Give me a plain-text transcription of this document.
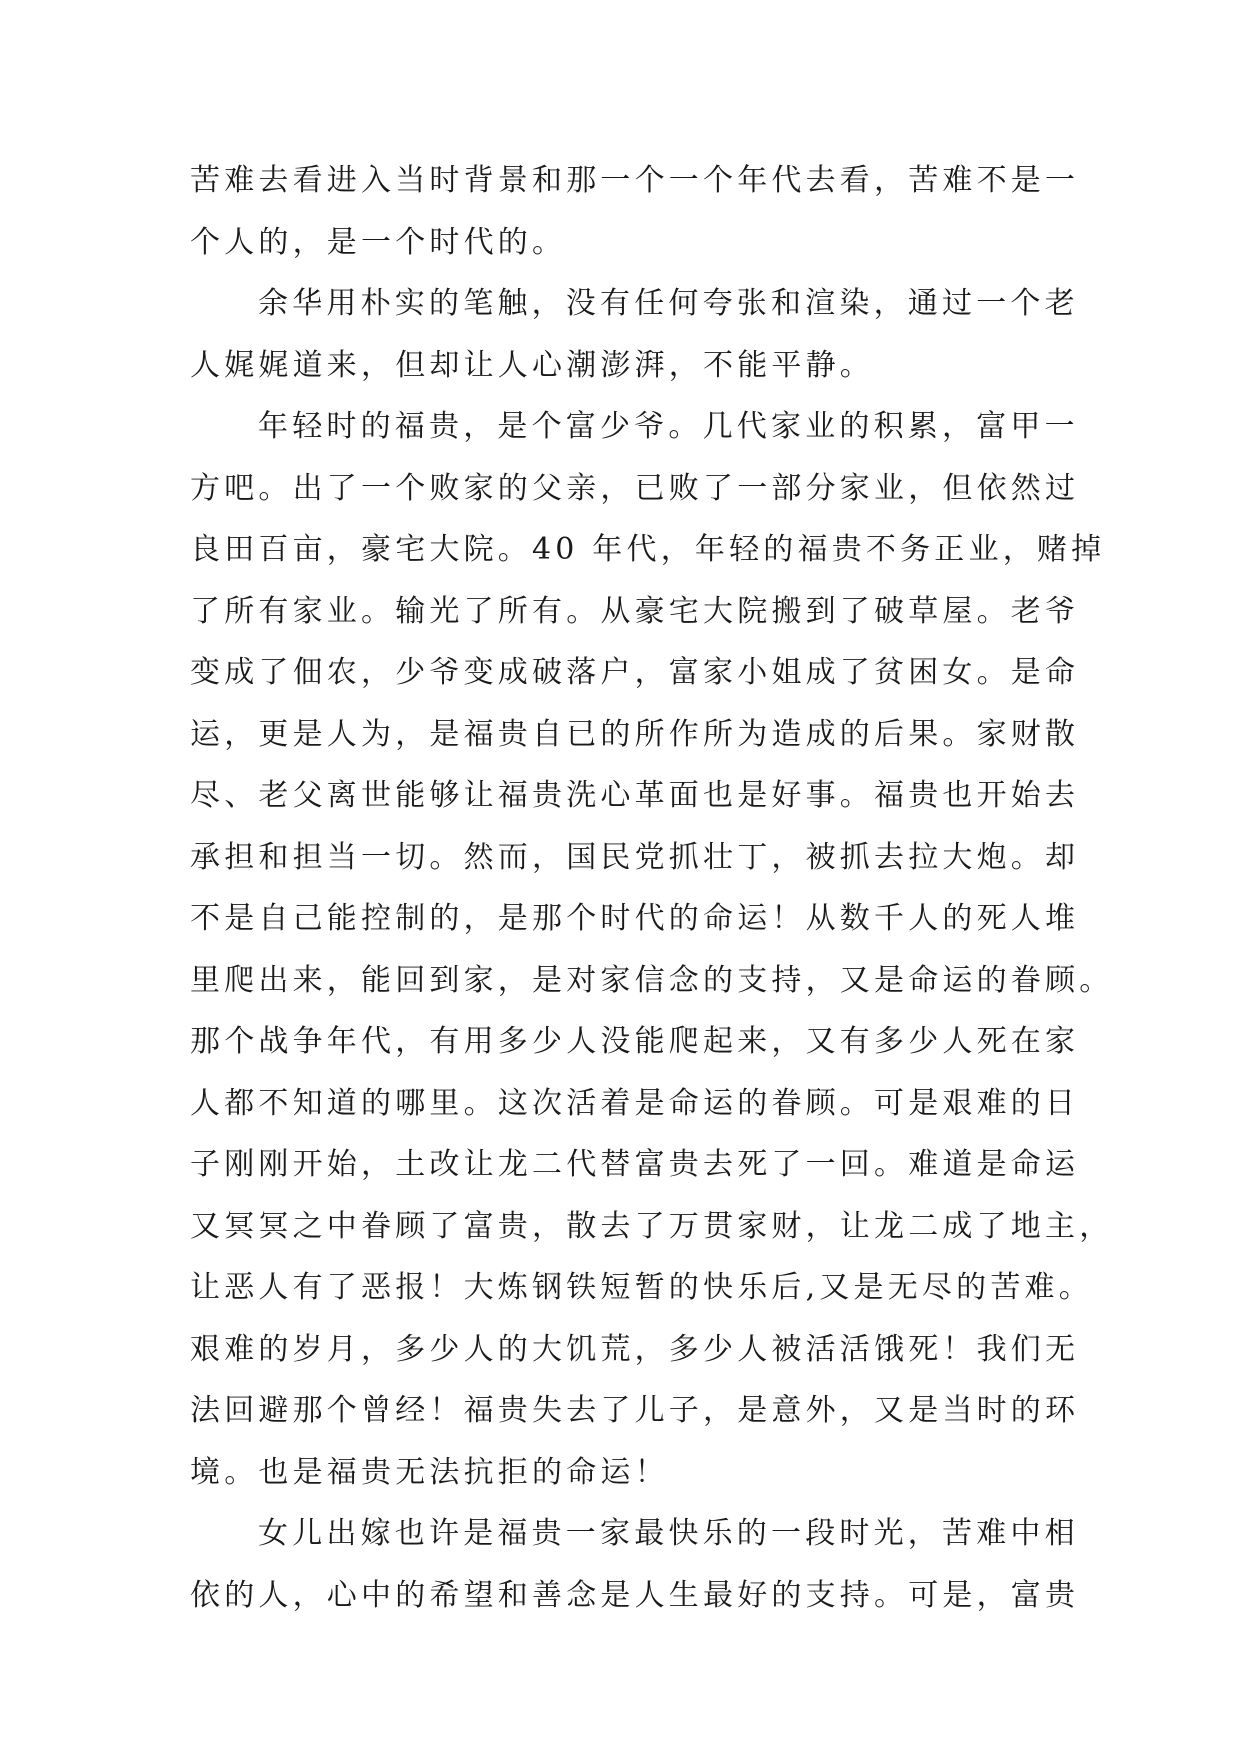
苦难去看进入当时背景和那一个一个年代去看，苦难不是一
个人的，是一个时代的。
余华用朴实的笔触，没有任何夸张和渲染，通过一个老
人娓娓道来，但却让人心潮澎湃，不能平静。
年轻时的福贵，是个富少爷。几代家业的积累，富甲一
方吧。出了一个败家的父亲，已败了一部分家业，但依然过
良田百亩，豪宅大院。40 年代，年轻的福贵不务正业，赌掉
了所有家业。输光了所有。从豪宅大院搬到了破草屋。老爷
变成了佃农，少爷变成破落户，富家小姐成了贫困女。是命
运，更是人为，是福贵自已的所作所为造成的后果。家财散
尽、老父离世能够让福贵洗心革面也是好事。福贵也开始去
承担和担当一切。然而，国民党抓壮丁，被抓去拉大炮。却
不是自己能控制的，是那个时代的命运！从数千人的死人堆
里爬出来，能回到家，是对家信念的支持，又是命运的眷顾。
那个战争年代，有用多少人没能爬起来，又有多少人死在家
人都不知道的哪里。这次活着是命运的眷顾。可是艰难的日
子刚刚开始，土改让龙二代替富贵去死了一回。难道是命运
又冥冥之中眷顾了富贵，散去了万贯家财，让龙二成了地主，
让恶人有了恶报！大炼钢铁短暂的快乐后,又是无尽的苦难。
艰难的岁月，多少人的大饥荒，多少人被活活饿死！我们无
法回避那个曾经！福贵失去了儿子，是意外，又是当时的环
境。也是福贵无法抗拒的命运！
女儿出嫁也许是福贵一家最快乐的一段时光，苦难中相
依的人，心中的希望和善念是人生最好的支持。可是，富贵
